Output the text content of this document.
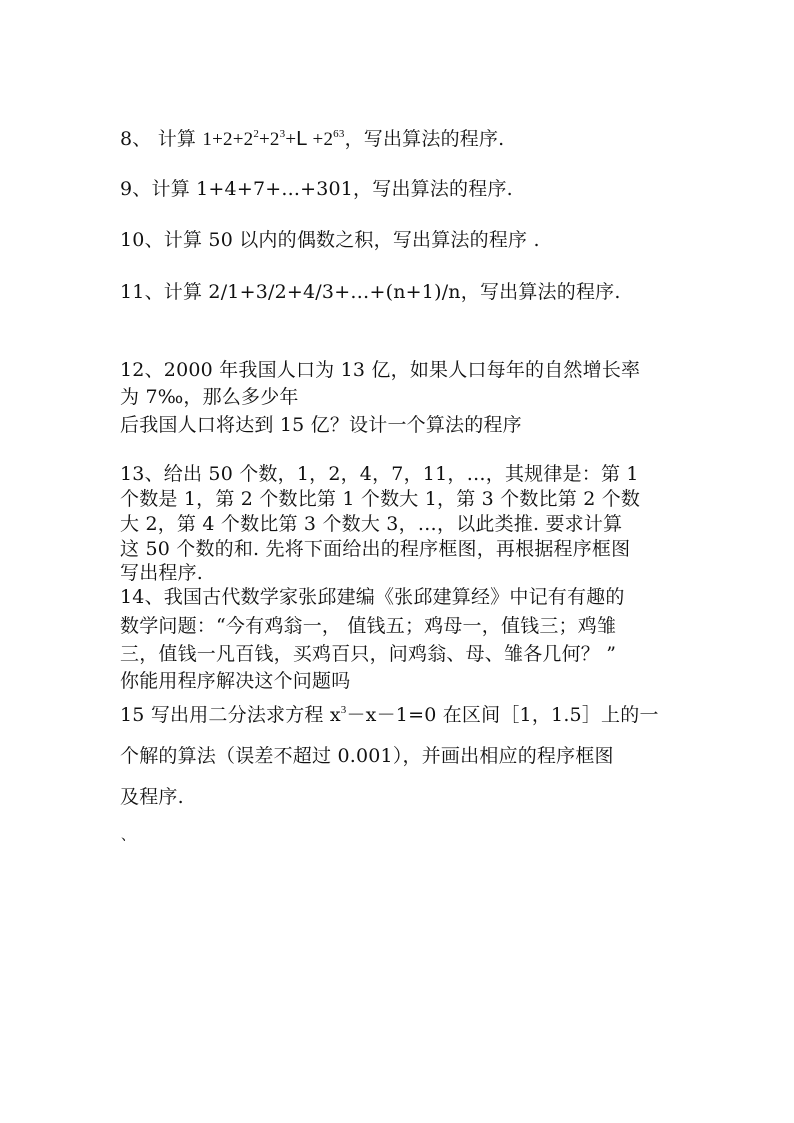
8、 计算 $1+2+2^2+2^3+L +2^{63}$，写出算法的程序.
9、计算 1+4+7+...+301，写出算法的程序.
10、计算 50 以内的偶数之积，写出算法的程序 .
11、计算 2/1+3/2+4/3+…+(n+1)/n，写出算法的程序.
12、2000 年我国人口为 13 亿，如果人口每年的自然增长率
为 7‰，那么多少年
后我国人口将达到 15 亿？设计一个算法的程序
13、给出 50 个数，1，2，4，7，11，…，其规律是：第 1
个数是 1，第 2 个数比第 1 个数大 1，第 3 个数比第 2 个数
大 2，第 4 个数比第 3 个数大 3，…，以此类推. 要求计算
这 50 个数的和. 先将下面给出的程序框图，再根据程序框图
写出程序.
14、我国古代数学家张邱建编《张邱建算经》中记有有趣的
数学问题：“今有鸡翁一， 值钱五；鸡母一，值钱三；鸡雏
三，值钱一凡百钱，买鸡百只，问鸡翁、母、雏各几何？ ”
你能用程序解决这个问题吗
15 写出用二分法求方程 $x^3-x-1=0$ 在区间［1，1.5］上的一
个解的算法（误差不超过 0.001），并画出相应的程序框图
及程序.
、
